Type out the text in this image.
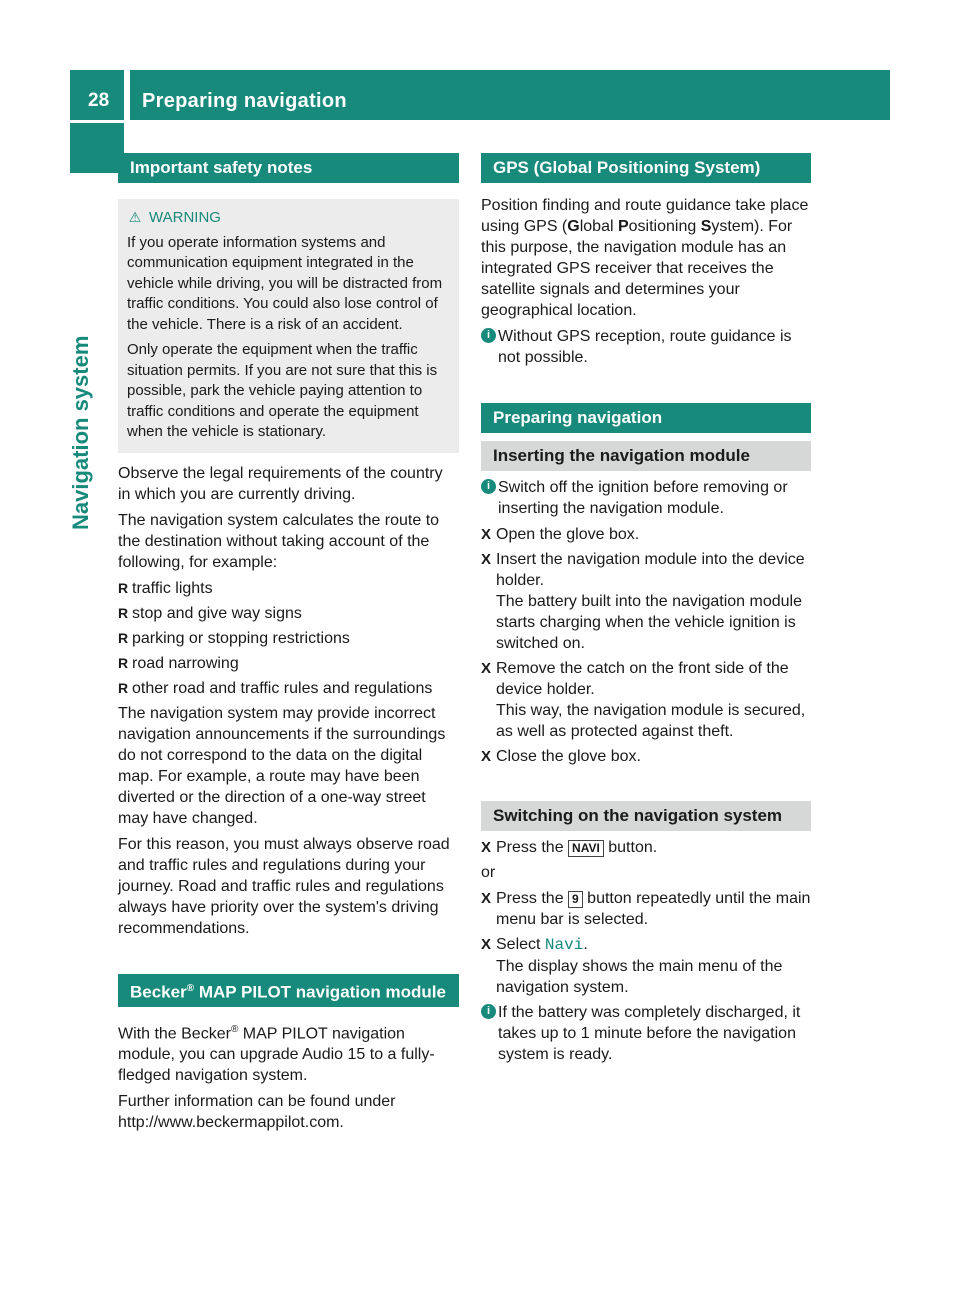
28 Preparing navigation
Navigation system
Important safety notes
⚠ WARNING

If you operate information systems and communication equipment integrated in the vehicle while driving, you will be distracted from traffic conditions. You could also lose control of the vehicle. There is a risk of an accident.

Only operate the equipment when the traffic situation permits. If you are not sure that this is possible, park the vehicle paying attention to traffic conditions and operate the equipment when the vehicle is stationary.

Observe the legal requirements of the country in which you are currently driving.

The navigation system calculates the route to the destination without taking account of the following, for example:

R traffic lights
R stop and give way signs
R parking or stopping restrictions
R road narrowing
R other road and traffic rules and regulations

The navigation system may provide incorrect navigation announcements if the surroundings do not correspond to the data on the digital map. For example, a route may have been diverted or the direction of a one-way street may have changed.

For this reason, you must always observe road and traffic rules and regulations during your journey. Road and traffic rules and regulations always have priority over the system's driving recommendations.

Becker® MAP PILOT navigation module

With the Becker® MAP PILOT navigation module, you can upgrade Audio 15 to a fully-fledged navigation system.

Further information can be found under http://www.beckermappilot.com.

GPS (Global Positioning System)

Position finding and route guidance take place using GPS (Global Positioning System). For this purpose, the navigation module has an integrated GPS receiver that receives the satellite signals and determines your geographical location.

i Without GPS reception, route guidance is not possible.
Preparing navigation
Inserting the navigation module
i Switch off the ignition before removing or inserting the navigation module.
X Open the glove box.
X Insert the navigation module into the device holder.
The battery built into the navigation module starts charging when the vehicle ignition is switched on.
X Remove the catch on the front side of the device holder.
This way, the navigation module is secured, as well as protected against theft.
X Close the glove box.
Switching on the navigation system
X Press the NAVI button.

or

X Press the 9 button repeatedly until the main menu bar is selected.
X Select Navi.
The display shows the main menu of the navigation system.
i If the battery was completely discharged, it takes up to 1 minute before the navigation system is ready.
